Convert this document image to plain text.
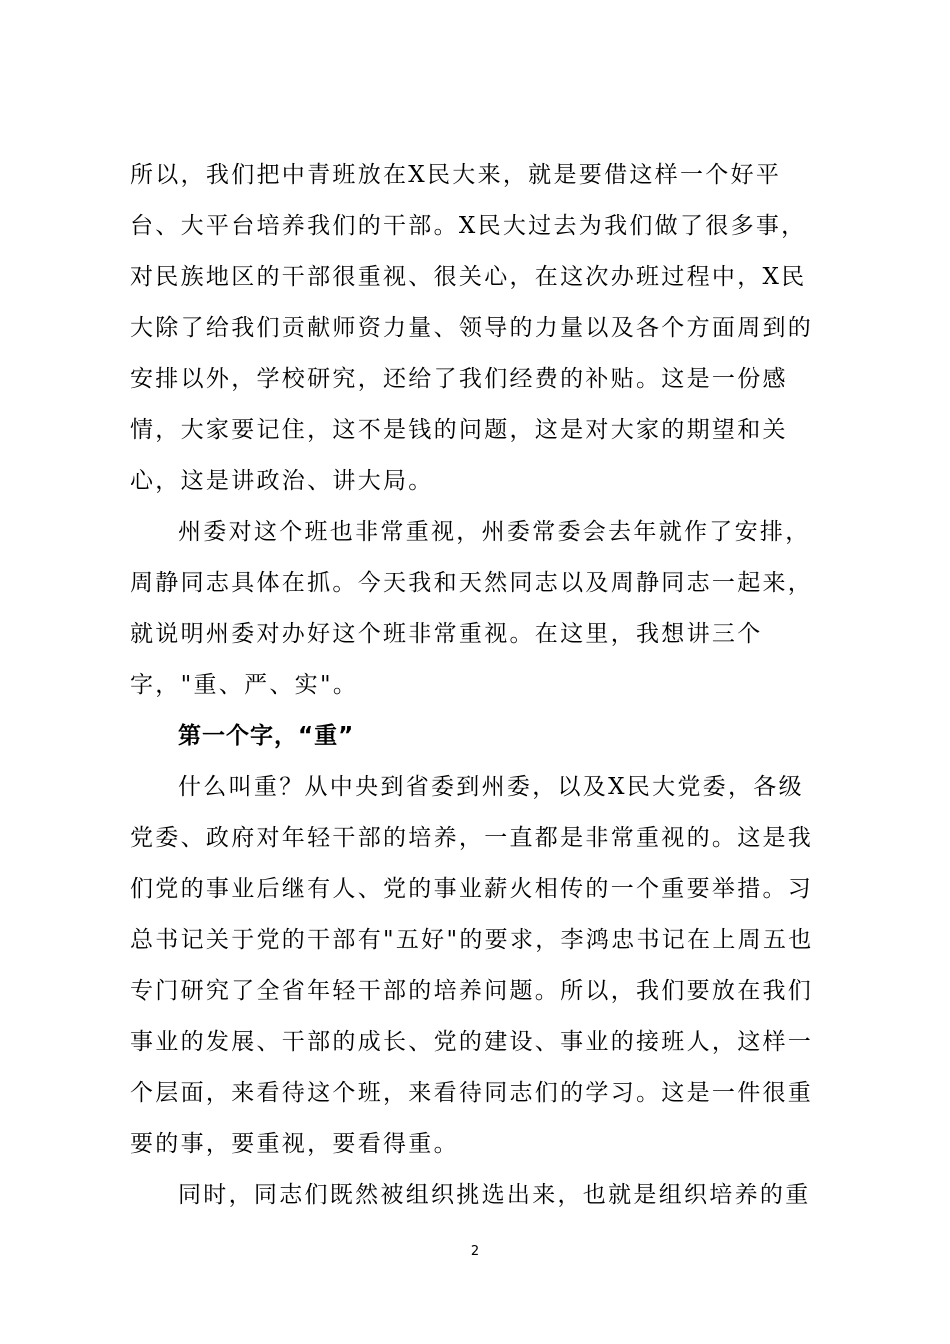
所以，我们把中青班放在X民大来，就是要借这样一个好平
台、大平台培养我们的干部。X民大过去为我们做了很多事，
对民族地区的干部很重视、很关心，在这次办班过程中，X民
大除了给我们贡献师资力量、领导的力量以及各个方面周到的
安排以外，学校研究，还给了我们经费的补贴。这是一份感
情，大家要记住，这不是钱的问题，这是对大家的期望和关
心，这是讲政治、讲大局。
州委对这个班也非常重视，州委常委会去年就作了安排，
周静同志具体在抓。今天我和天然同志以及周静同志一起来，
就说明州委对办好这个班非常重视。在这里，我想讲三个
字，"重、严、实"。
第一个字，“重”
什么叫重？从中央到省委到州委，以及X民大党委，各级
党委、政府对年轻干部的培养，一直都是非常重视的。这是我
们党的事业后继有人、党的事业薪火相传的一个重要举措。习
总书记关于党的干部有"五好"的要求，李鸿忠书记在上周五也
专门研究了全省年轻干部的培养问题。所以，我们要放在我们
事业的发展、干部的成长、党的建设、事业的接班人，这样一
个层面，来看待这个班，来看待同志们的学习。这是一件很重
要的事，要重视，要看得重。
同时，同志们既然被组织挑选出来，也就是组织培养的重
2
